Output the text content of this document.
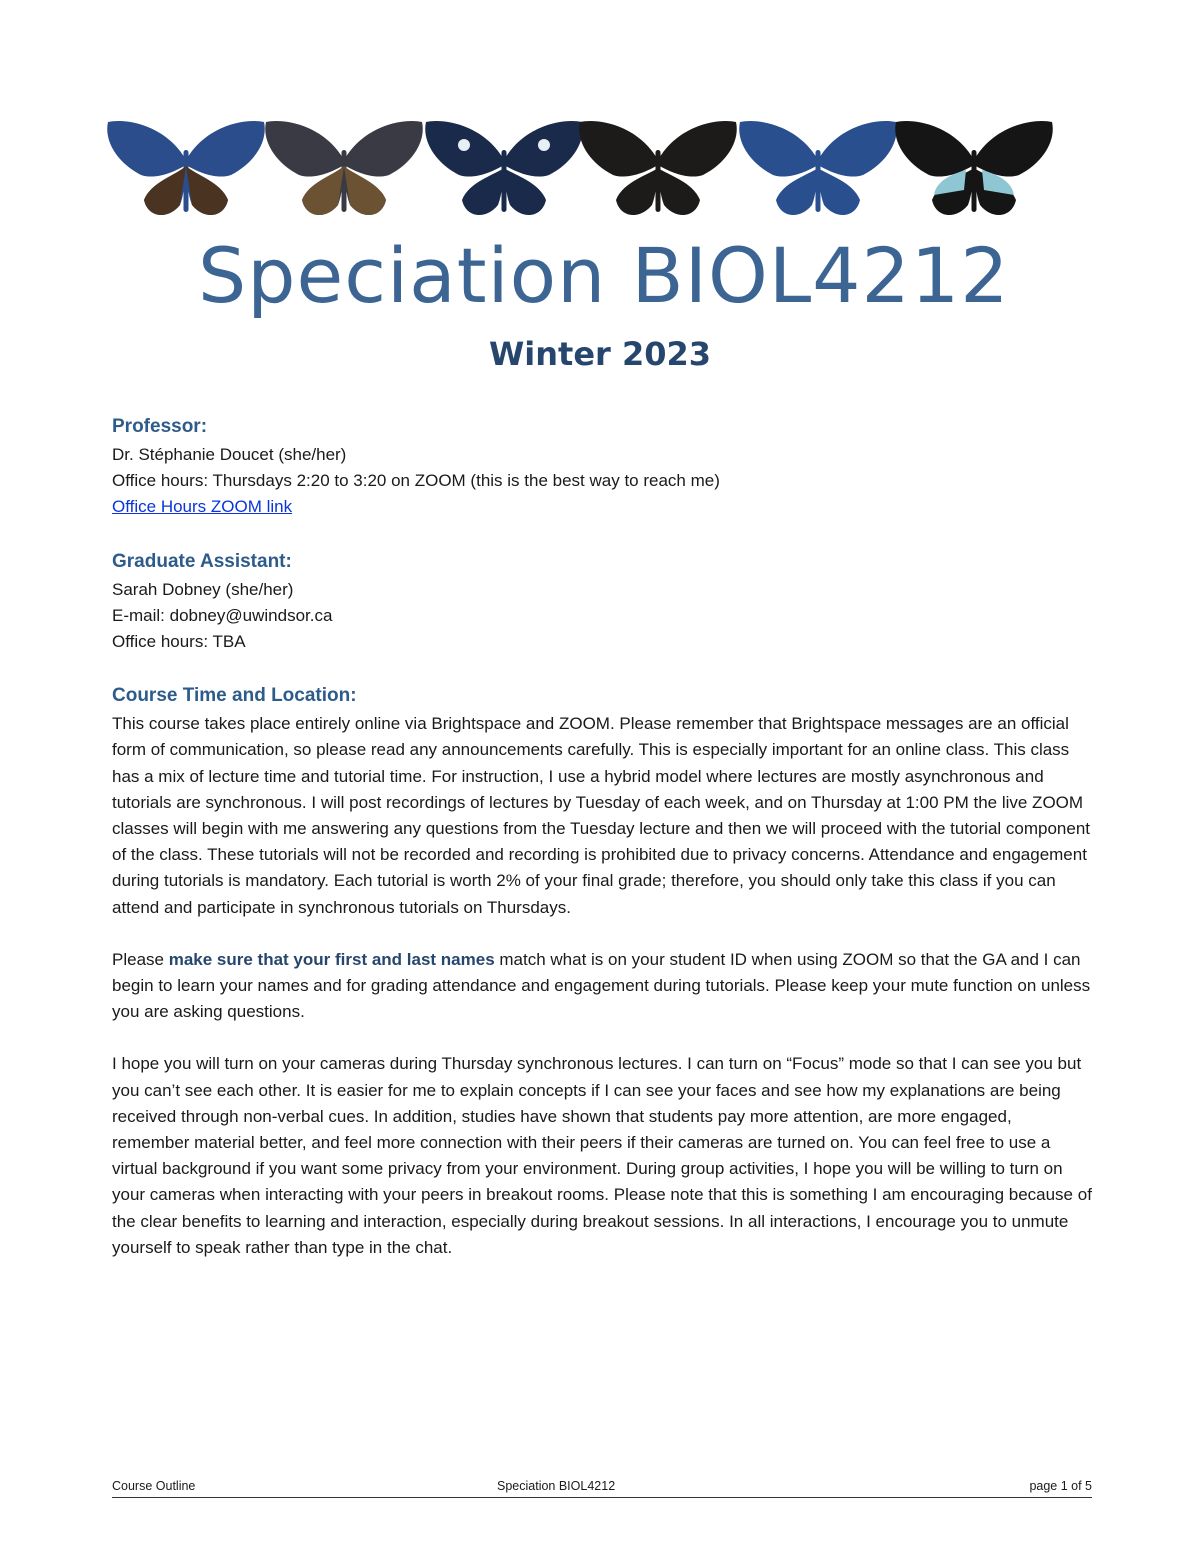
Speciation BIOL4212
Winter 2023

Professor:

Dr. Stéphanie Doucet (she/her)

Office hours: Thursdays 2:20 to 3:20 on ZOOM (this is the best way to reach me)

Office Hours ZOOM link

Graduate Assistant:

Sarah Dobney (she/her)

E-mail: dobney@uwindsor.ca

Office hours: TBA

Course Time and Location:

This course takes place entirely online via Brightspace and ZOOM. Please remember that Brightspace messages are an official form of communication, so please read any announcements carefully. This is especially important for an online class. This class has a mix of lecture time and tutorial time. For instruction, I use a hybrid model where lectures are mostly asynchronous and tutorials are synchronous. I will post recordings of lectures by Tuesday of each week, and on Thursday at 1:00 PM the live ZOOM classes will begin with me answering any questions from the Tuesday lecture and then we will proceed with the tutorial component of the class. These tutorials will not be recorded and recording is prohibited due to privacy concerns. Attendance and engagement during tutorials is mandatory. Each tutorial is worth 2% of your final grade; therefore, you should only take this class if you can attend and participate in synchronous tutorials on Thursdays.

Please make sure that your first and last names match what is on your student ID when using ZOOM so that the GA and I can begin to learn your names and for grading attendance and engagement during tutorials. Please keep your mute function on unless you are asking questions.

I hope you will turn on your cameras during Thursday synchronous lectures. I can turn on “Focus” mode so that I can see you but you can’t see each other. It is easier for me to explain concepts if I can see your faces and see how my explanations are being received through non-verbal cues. In addition, studies have shown that students pay more attention, are more engaged, remember material better, and feel more connection with their peers if their cameras are turned on. You can feel free to use a virtual background if you want some privacy from your environment. During group activities, I hope you will be willing to turn on your cameras when interacting with your peers in breakout rooms. Please note that this is something I am encouraging because of the clear benefits to learning and interaction, especially during breakout sessions. In all interactions, I encourage you to unmute yourself to speak rather than type in the chat.

Course Outline	Speciation BIOL4212	page 1 of 5
